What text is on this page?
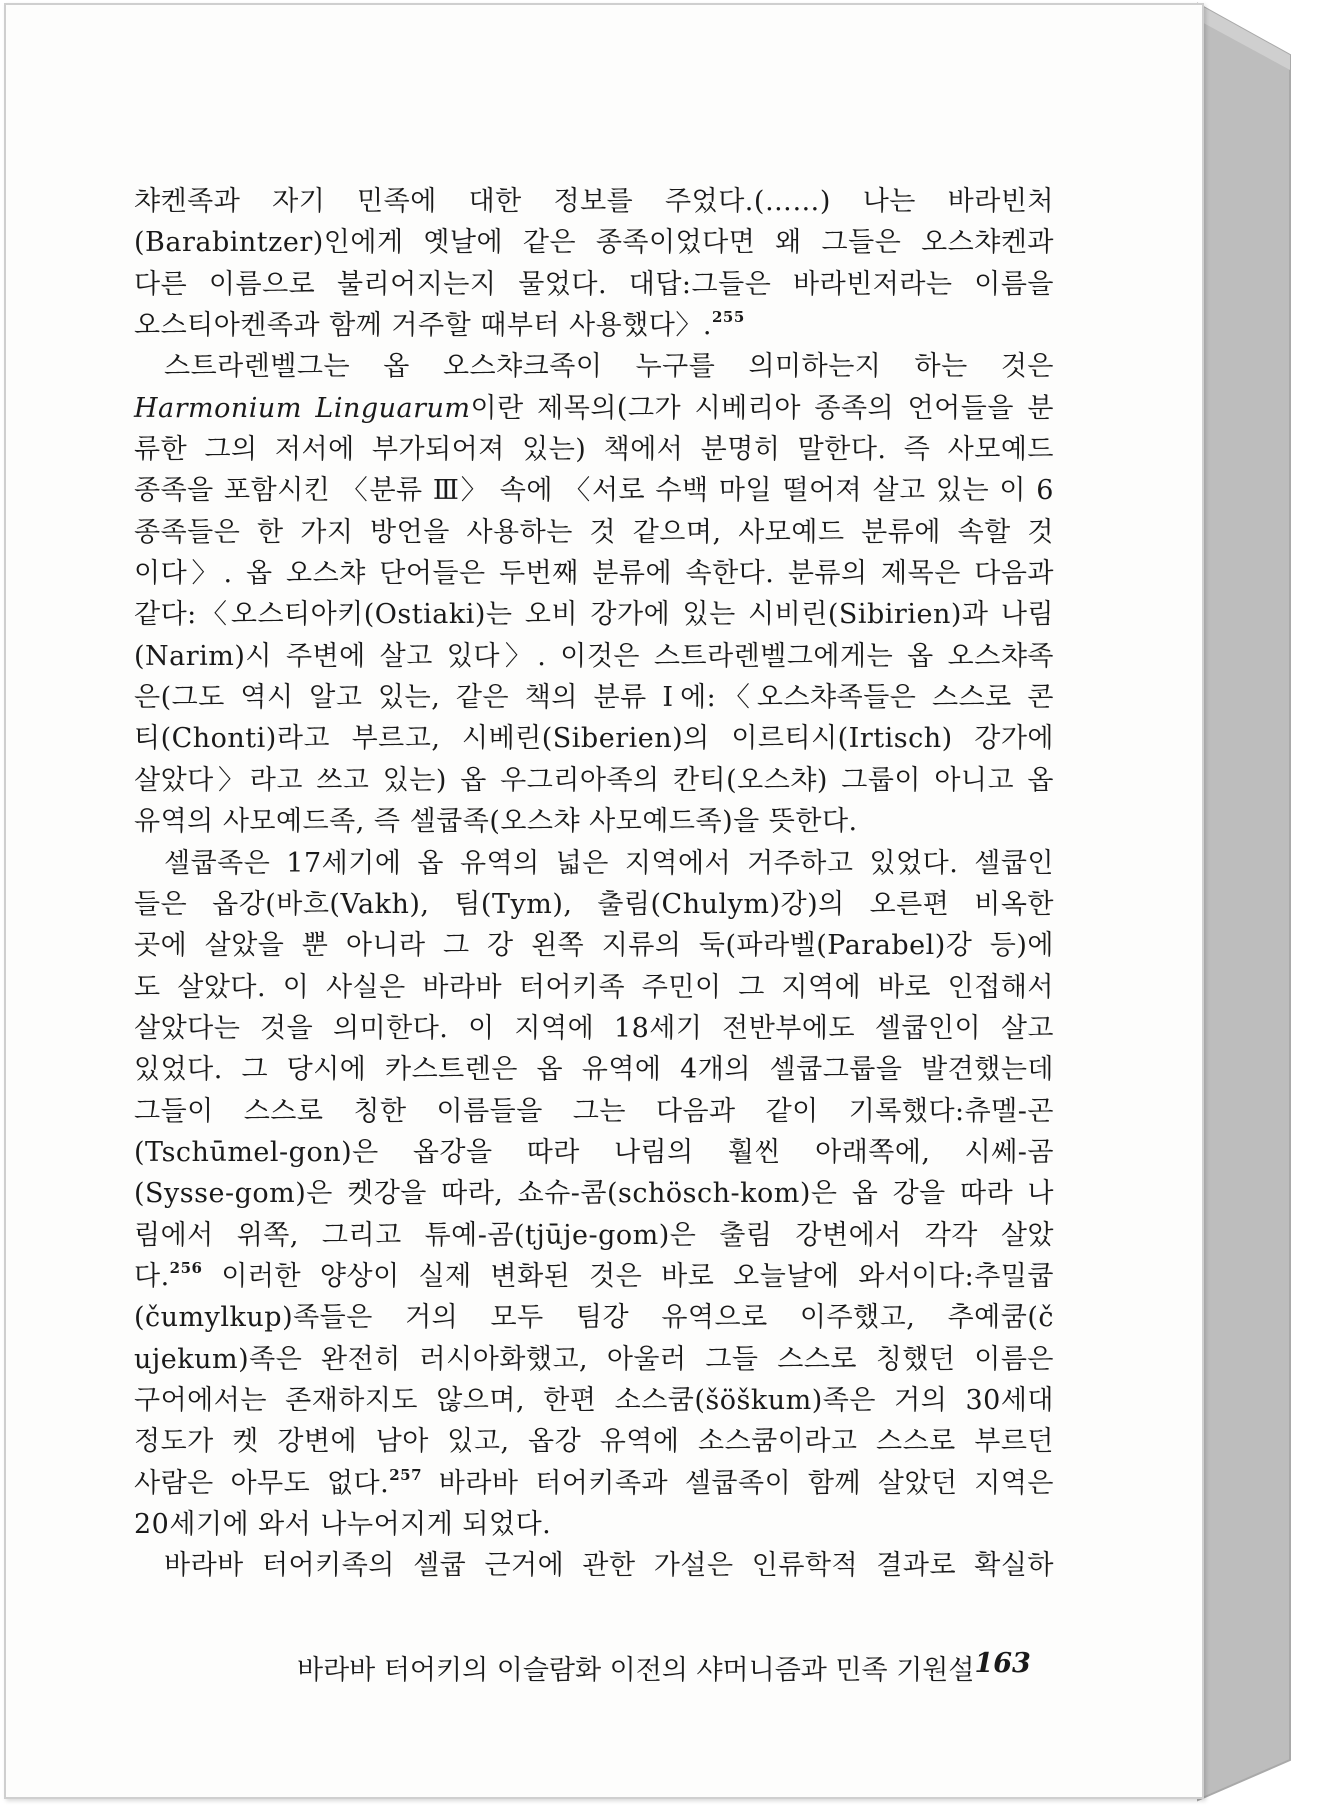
챠켄족과 자기 민족에 대한 정보를 주었다.(……) 나는 바라빈처
(Barabintzer)인에게 옛날에 같은 종족이었다면 왜 그들은 오스챠켄과
다른 이름으로 불리어지는지 물었다. 대답:그들은 바라빈저라는 이름을
오스티아켄족과 함께 거주할 때부터 사용했다〉.$^{255}$
스트라렌벨그는 옵 오스챠크족이 누구를 의미하는지 하는 것은
Harmonium Linguarum이란 제목의(그가 시베리아 종족의 언어들을 분
류한 그의 저서에 부가되어져 있는) 책에서 분명히 말한다. 즉 사모예드
종족을 포함시킨 〈분류 Ⅲ〉 속에 〈서로 수백 마일 떨어져 살고 있는 이 6
종족들은 한 가지 방언을 사용하는 것 같으며, 사모예드 분류에 속할 것
이다〉. 옵 오스챠 단어들은 두번째 분류에 속한다. 분류의 제목은 다음과
같다:〈오스티아키(Ostiaki)는 오비 강가에 있는 시비린(Sibirien)과 나림
(Narim)시 주변에 살고 있다〉. 이것은 스트라렌벨그에게는 옵 오스챠족
은(그도 역시 알고 있는, 같은 책의 분류 Ⅰ에:〈오스챠족들은 스스로 콘
티(Chonti)라고 부르고, 시베린(Siberien)의 이르티시(Irtisch) 강가에
살았다〉라고 쓰고 있는) 옵 우그리아족의 칸티(오스챠) 그룹이 아니고 옵
유역의 사모예드족, 즉 셀쿱족(오스챠 사모예드족)을 뜻한다.
셀쿱족은 17세기에 옵 유역의 넓은 지역에서 거주하고 있었다. 셀쿱인
들은 옵강(바흐(Vakh), 팀(Tym), 출림(Chulym)강)의 오른편 비옥한
곳에 살았을 뿐 아니라 그 강 왼쪽 지류의 둑(파라벨(Parabel)강 등)에
도 살았다. 이 사실은 바라바 터어키족 주민이 그 지역에 바로 인접해서
살았다는 것을 의미한다. 이 지역에 18세기 전반부에도 셀쿱인이 살고
있었다. 그 당시에 카스트렌은 옵 유역에 4개의 셀쿱그룹을 발견했는데
그들이 스스로 칭한 이름들을 그는 다음과 같이 기록했다:츄멜-곤
(Tschūmel-gon)은 옵강을 따라 나림의 훨씬 아래쪽에, 시쎄-곰
(Sysse-gom)은 켓강을 따라, 쇼슈-콤(schösch-kom)은 옵 강을 따라 나
림에서 위쪽, 그리고 튜예-곰(tjūje-gom)은 출림 강변에서 각각 살았
다.$^{256}$ 이러한 양상이 실제 변화된 것은 바로 오늘날에 와서이다:추밀쿱
(čumylkup)족들은 거의 모두 팀강 유역으로 이주했고, 추예쿰(č
ujekum)족은 완전히 러시아화했고, 아울러 그들 스스로 칭했던 이름은
구어에서는 존재하지도 않으며, 한편 소스쿰(šöškum)족은 거의 30세대
정도가 켓 강변에 남아 있고, 옵강 유역에 소스쿰이라고 스스로 부르던
사람은 아무도 없다.$^{257}$ 바라바 터어키족과 셀쿱족이 함께 살았던 지역은
20세기에 와서 나누어지게 되었다.
바라바 터어키족의 셀쿱 근거에 관한 가설은 인류학적 결과로 확실하
바라바 터어키의 이슬람화 이전의 샤머니즘과 민족 기원설 163
